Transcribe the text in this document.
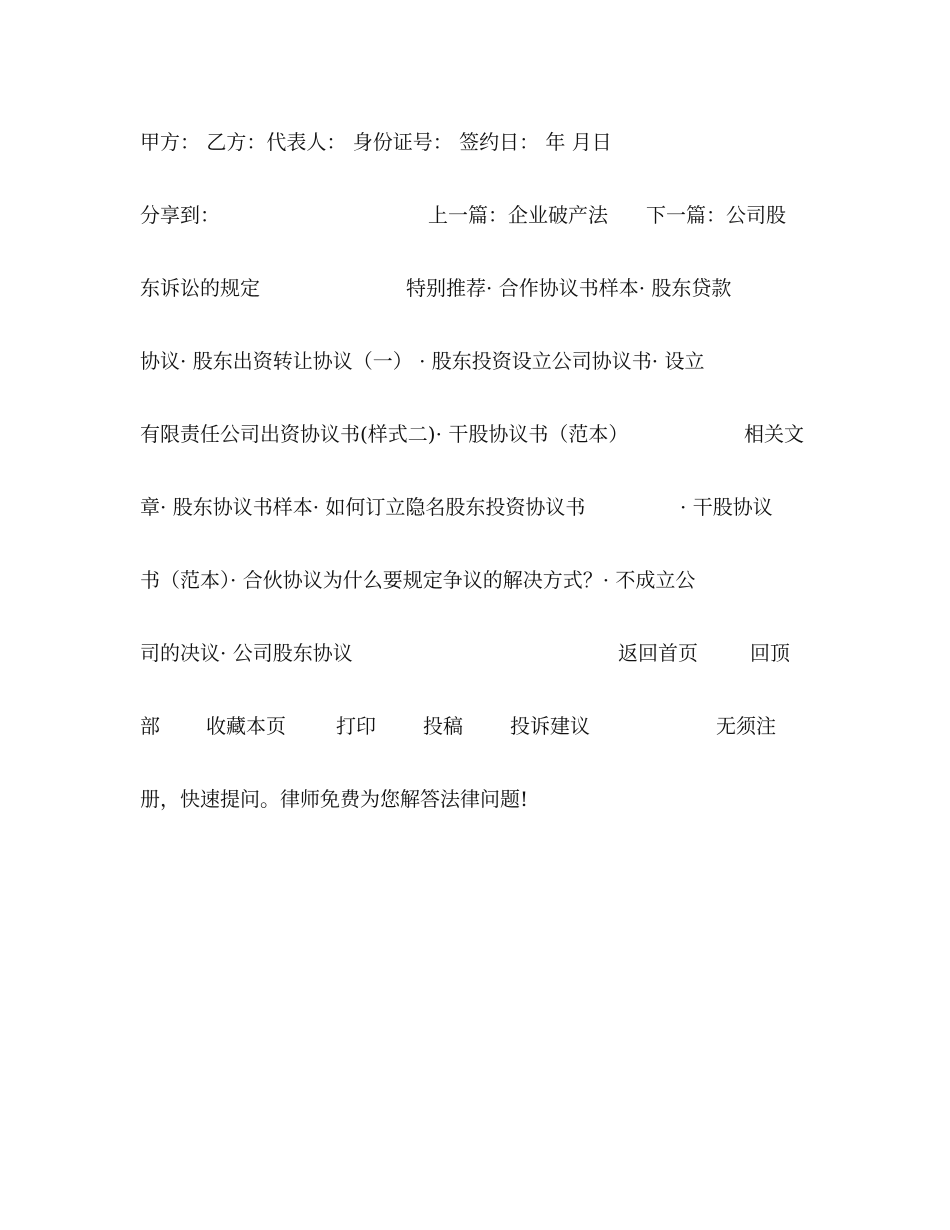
甲方： 乙方：代表人： 身份证号： 签约日： 年 月日
分享到：	上一篇：企业破产法 下一篇：公司股
东诉讼的规定	特别推荐· 合作协议书样本· 股东贷款
协议· 股东出资转让协议（一） · 股东投资设立公司协议书· 设立
有限责任公司出资协议书(样式二)· 干股协议书（范本）	相关文
章· 股东协议书样本· 如何订立隐名股东投资协议书	· 干股协议
书（范本）· 合伙协议为什么要规定争议的解决方式？· 不成立公
司的决议· 公司股东协议	返回首页	回顶
部 收藏本页	打印 投稿 投诉建议	无须注
册，快速提问。律师免费为您解答法律问题!
